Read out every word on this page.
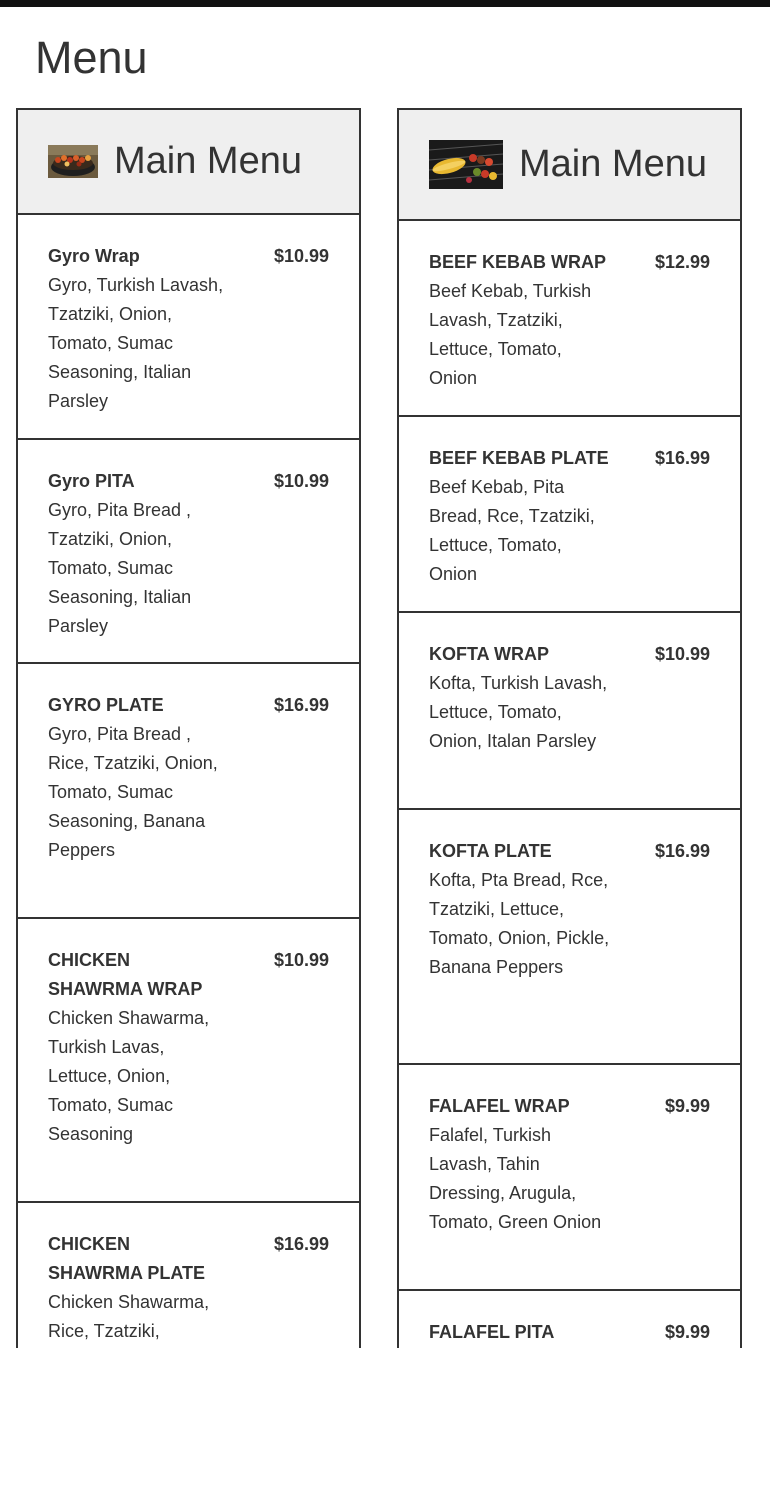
Menu
Main Menu
Gyro Wrap	$10.99
Gyro, Turkish Lavash, Tzatziki, Onion, Tomato, Sumac Seasoning, Italian Parsley
Gyro PITA	$10.99
Gyro, Pita Bread , Tzatziki, Onion, Tomato, Sumac Seasoning, Italian Parsley
GYRO PLATE	$16.99
Gyro, Pita Bread , Rice, Tzatziki, Onion, Tomato, Sumac Seasoning, Banana Peppers
CHICKEN SHAWRMA WRAP
$10.99
Chicken Shawarma, Turkish Lavas, Lettuce, Onion, Tomato, Sumac Seasoning
CHICKEN SHAWRMA PLATE
$16.99
Chicken Shawarma, Rice, Tzatziki,
Main Menu
BEEF KEBAB WRAP	$12.99
Beef Kebab, Turkish Lavash, Tzatziki, Lettuce, Tomato, Onion
BEEF KEBAB PLATE	$16.99
Beef Kebab, Pita Bread, Rce, Tzatziki, Lettuce, Tomato, Onion
KOFTA WRAP	$10.99
Kofta, Turkish Lavash, Lettuce, Tomato, Onion, Italan Parsley
KOFTA PLATE	$16.99
Kofta, Pta Bread, Rce, Tzatziki, Lettuce, Tomato, Onion, Pickle, Banana Peppers
FALAFEL WRAP	$9.99
Falafel, Turkish Lavash, Tahin Dressing, Arugula, Tomato, Green Onion
FALAFEL PITA	$9.99
